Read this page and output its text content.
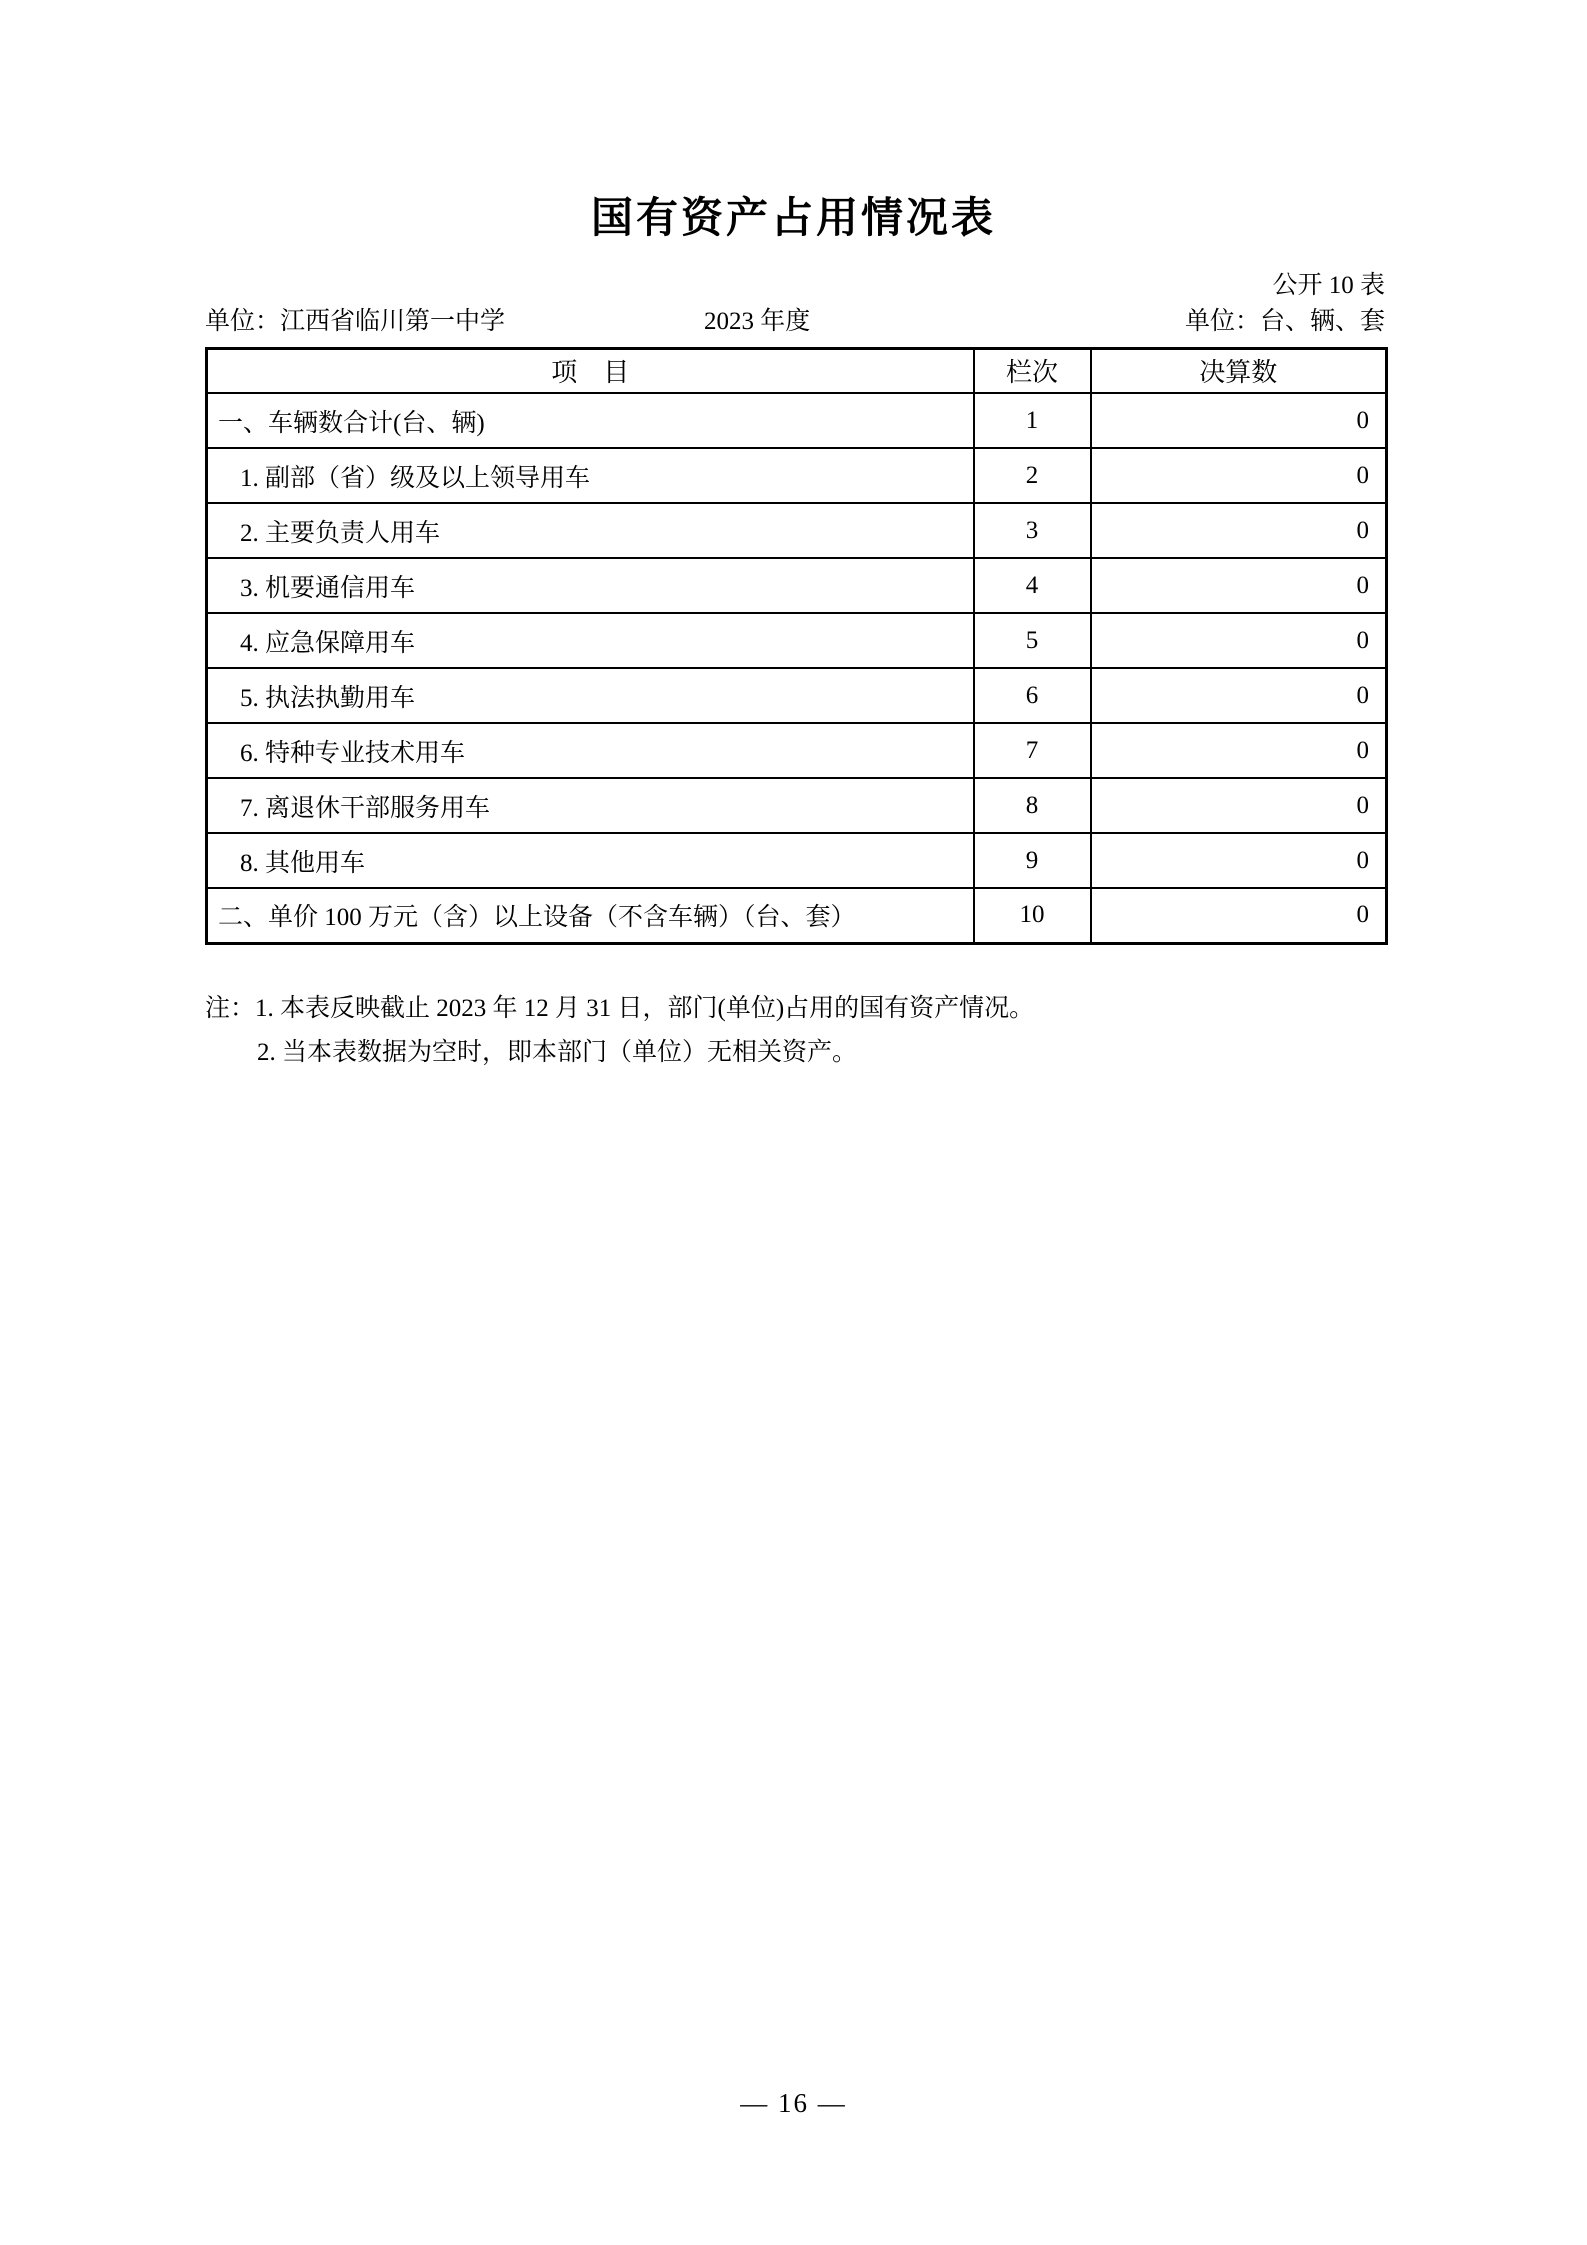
国有资产占用情况表
公开 10 表
单位：江西省临川第一中学	2023 年度	单位：台、辆、套
项　目	栏次	决算数
一、车辆数合计(台、辆)	1	0
1. 副部（省）级及以上领导用车	2	0
2. 主要负责人用车	3	0
3. 机要通信用车	4	0
4. 应急保障用车	5	0
5. 执法执勤用车	6	0
6. 特种专业技术用车	7	0
7. 离退休干部服务用车	8	0
8. 其他用车	9	0
二、单价 100 万元（含）以上设备（不含车辆）（台、套）	10	0
注：1. 本表反映截止 2023 年 12 月 31 日，部门(单位)占用的国有资产情况。
2. 当本表数据为空时，即本部门（单位）无相关资产。
— 16 —
